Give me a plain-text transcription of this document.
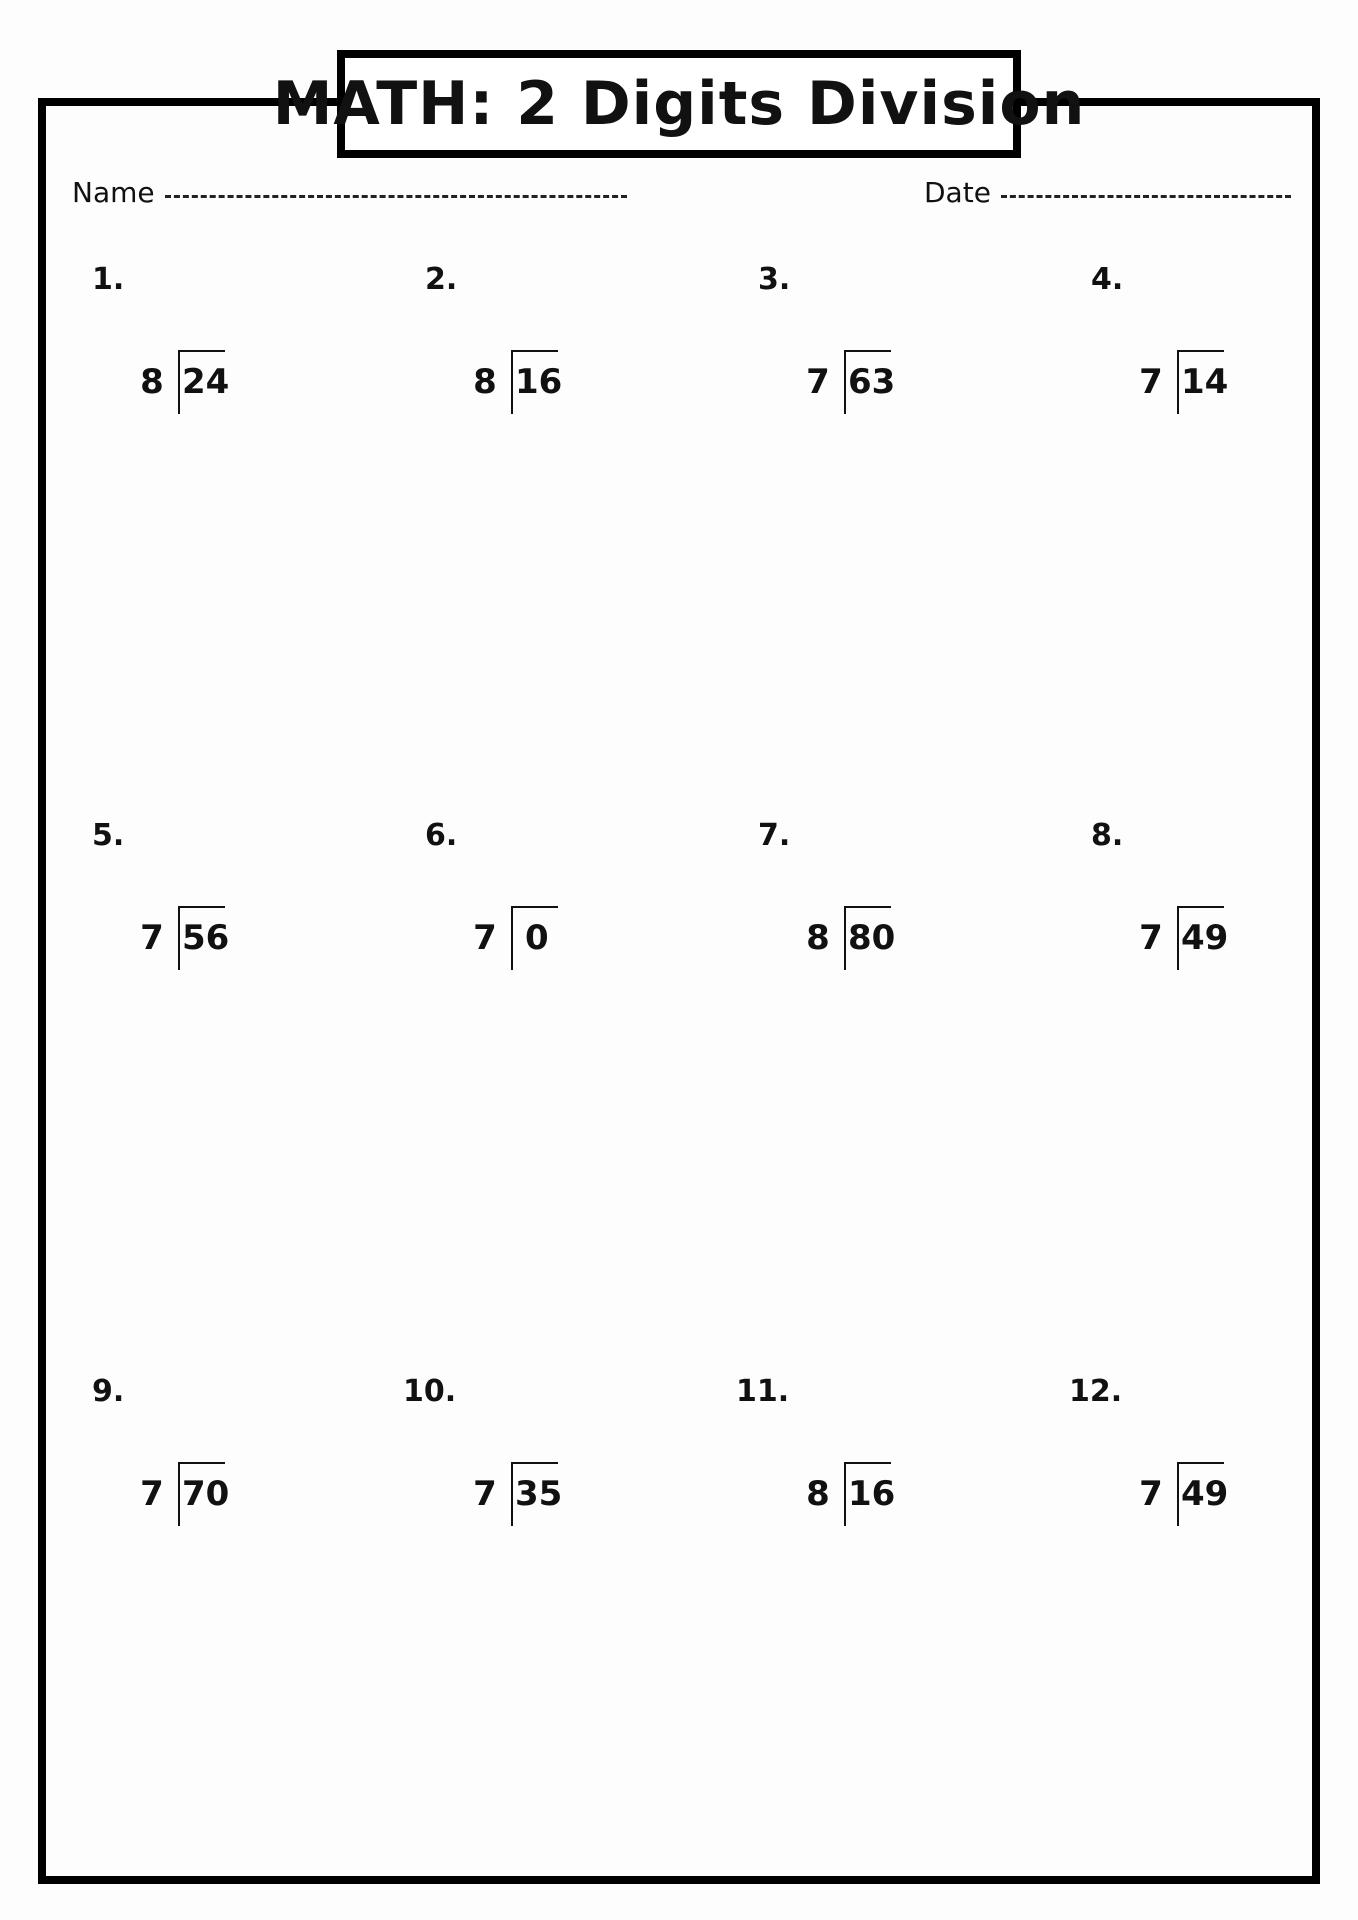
MATH: 2 Digits Division
Name	Date
1.
8 24
2.
8 16
3.
7 63
4.
7 14
5.
7 56
6.
7 0
7.
8 80
8.
7 49
9.
7 70
10.
7 35
11.
8 16
12.
7 49
